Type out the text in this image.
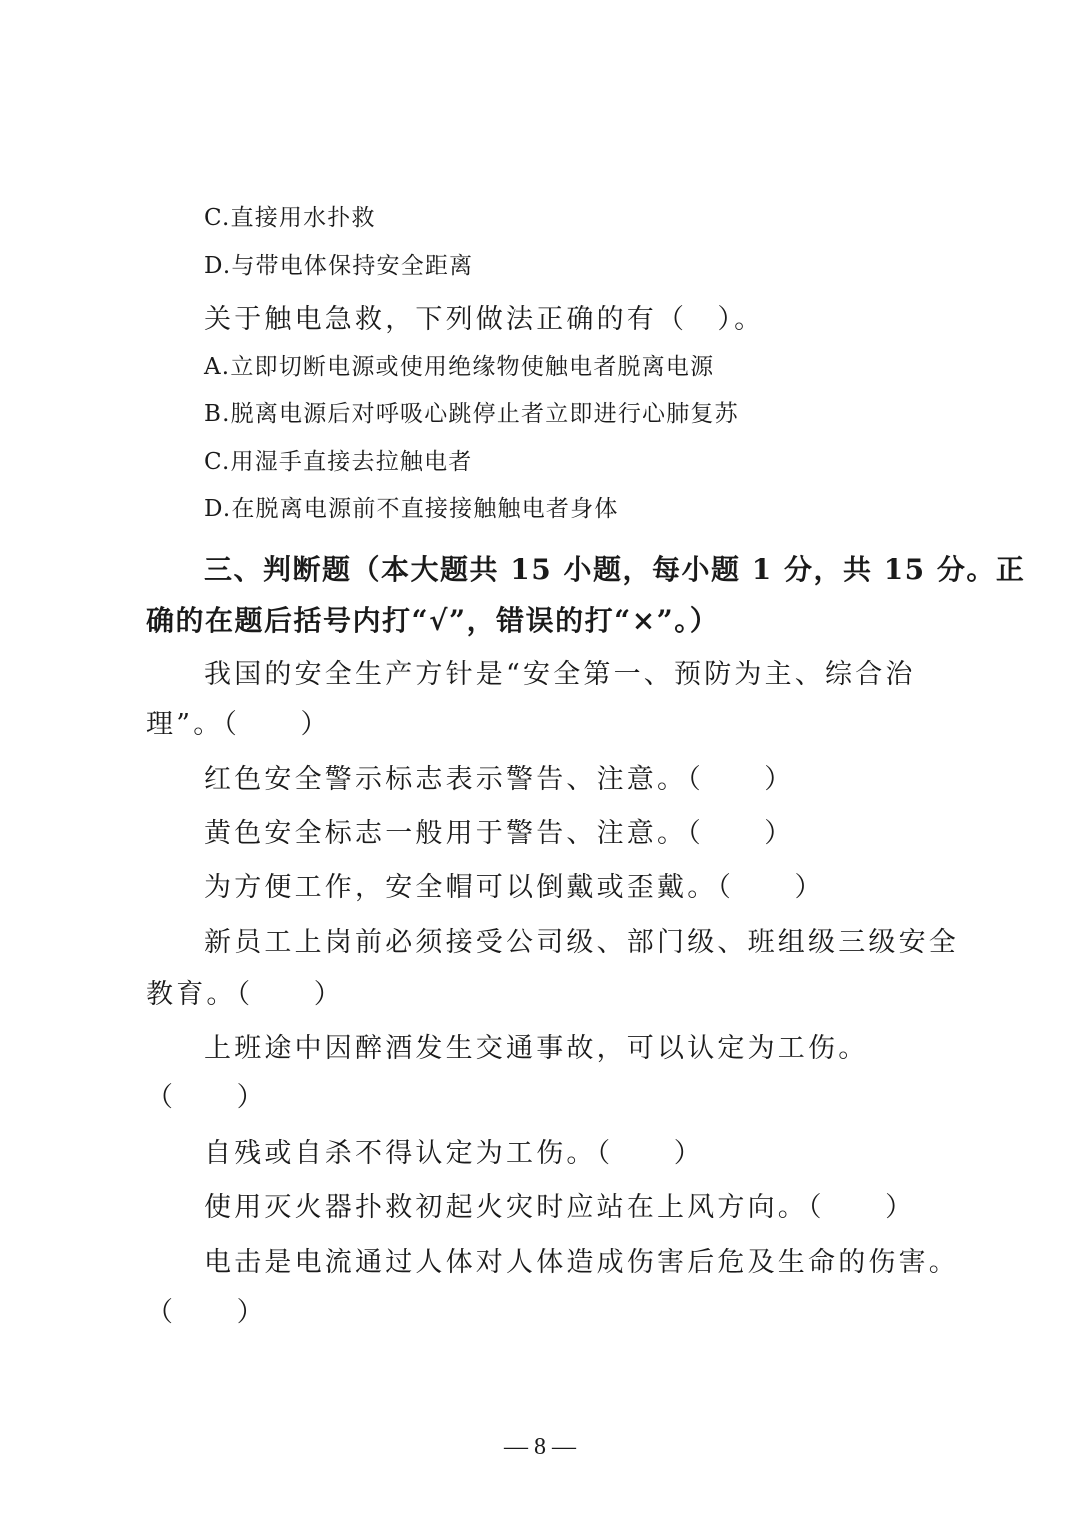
C.直接用水扑救
D.与带电体保持安全距离
关于触电急救，下列做法正确的有（　）。
A.立即切断电源或使用绝缘物使触电者脱离电源
B.脱离电源后对呼吸心跳停止者立即进行心肺复苏
C.用湿手直接去拉触电者
D.在脱离电源前不直接接触触电者身体
三、判断题（本大题共 15 小题，每小题 1 分，共 15 分。正
确的在题后括号内打“√”，错误的打“×”。）
我国的安全生产方针是“安全第一、预防为主、综合治
理”。（　　）
红色安全警示标志表示警告、注意。（　　）
黄色安全标志一般用于警告、注意。（　　）
为方便工作，安全帽可以倒戴或歪戴。（　　）
新员工上岗前必须接受公司级、部门级、班组级三级安全
教育。（　　）
上班途中因醉酒发生交通事故，可以认定为工伤。
（　　）
自残或自杀不得认定为工伤。（　　）
使用灭火器扑救初起火灾时应站在上风方向。（　　）
电击是电流通过人体对人体造成伤害后危及生命的伤害。
（　　）
— 8 —
